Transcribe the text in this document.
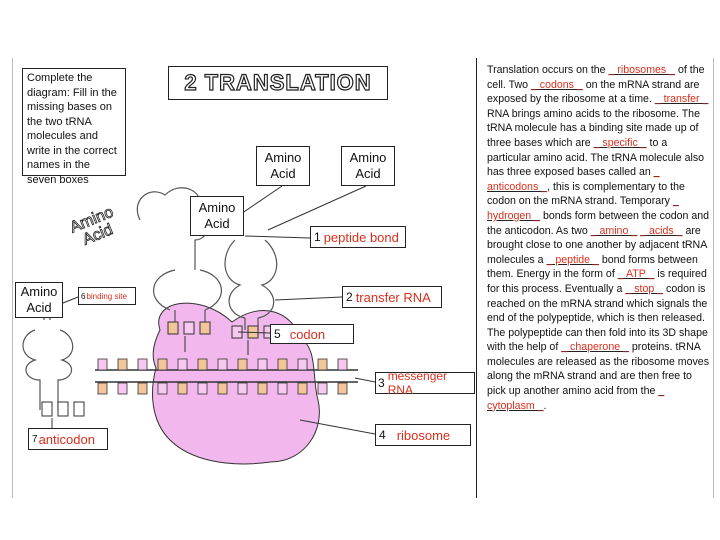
Complete the diagram: Fill in the missing bases on the two tRNA molecules and write in the correct names in the seven boxes
2 TRANSLATION
Amino Acid
Amino Acid
Amino Acid
Amino Acid
Amino Acid	1 peptide bond
2 transfer RNA
3 messenger RNA
4 ribosome
5 codon
6 binding site
7 anticodon

Translation occurs on the _ ribosomes _ of the cell. Two _ codons _ on the mRNA strand are exposed by the ribosome at a time. _ transfer _ RNA brings amino acids to the ribosome. The tRNA molecule has a binding site made up of three bases which are _ specific _ to a particular amino acid. The tRNA molecule also has three exposed bases called an _ anticodons _, this is complementary to the codon on the mRNA strand. Temporary _ hydrogen _ bonds form between the codon and the anticodon. As two _ amino _ _ acids _ are brought close to one another by adjacent tRNA molecules a _ peptide _ bond forms between them. Energy in the form of _ ATP _ is required for this process. Eventually a _ stop _ codon is reached on the mRNA strand which signals the end of the polypeptide, which is then released. The polypeptide can then fold into its 3D shape with the help of _ chaperone _ proteins. tRNA molecules are released as the ribosome moves along the mRNA strand and are then free to pick up another amino acid from the _ cytoplasm _.
